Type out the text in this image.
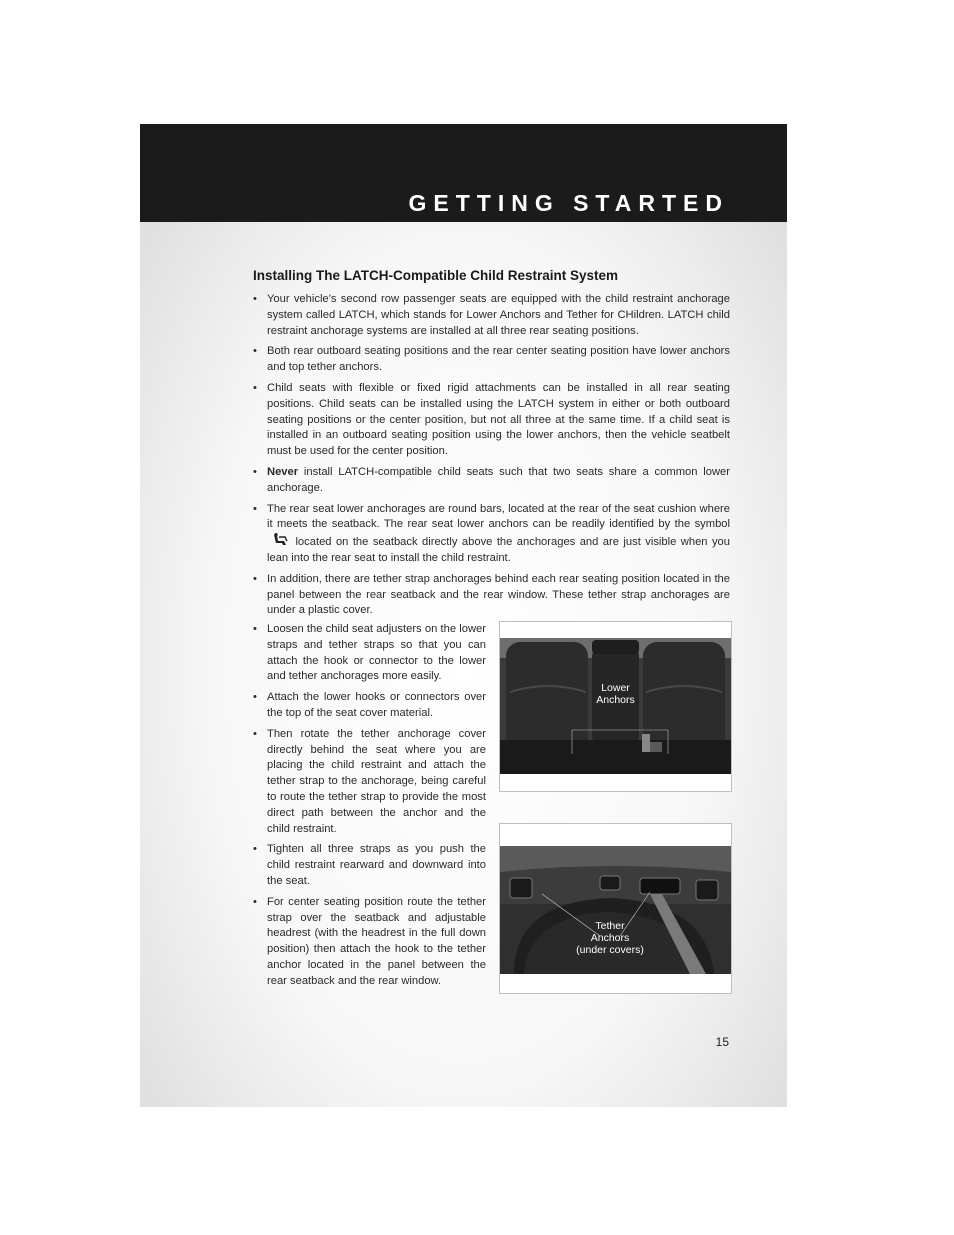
GETTING STARTED
Installing The LATCH-Compatible Child Restraint System
• Your vehicle’s second row passenger seats are equipped with the child restraint anchorage system called LATCH, which stands for Lower Anchors and Tether for CHildren. LATCH child restraint anchorage systems are installed at all three rear seating positions.
• Both rear outboard seating positions and the rear center seating position have lower anchors and top tether anchors.
• Child seats with flexible or fixed rigid attachments can be installed in all rear seating positions. Child seats can be installed using the LATCH system in either or both outboard seating positions or the center position, but not all three at the same time. If a child seat is installed in an outboard seating position using the lower anchors, then the vehicle seatbelt must be used for the center position.
• Never install LATCH-compatible child seats such that two seats share a common lower anchorage.
• The rear seat lower anchorages are round bars, located at the rear of the seat cushion where it meets the seatback. The rear seat lower anchors can be readily identified by the symbol located on the seatback directly above the anchorages and are just visible when you lean into the rear seat to install the child restraint.
• In addition, there are tether strap anchorages behind each rear seating position located in the panel between the rear seatback and the rear window. These tether strap anchorages are under a plastic cover.
• Loosen the child seat adjusters on the lower straps and tether straps so that you can attach the hook or connector to the lower and tether anchorages more easily.
• Attach the lower hooks or connectors over the top of the seat cover material.
• Then rotate the tether anchorage cover directly behind the seat where you are placing the child restraint and attach the tether strap to the anchorage, being careful to route the tether strap to provide the most direct path between the anchor and the child restraint.
• Tighten all three straps as you push the child restraint rearward and downward into the seat.
• For center seating position route the tether strap over the seatback and adjustable headrest (with the headrest in the full down position) then attach the hook to the tether anchor located in the panel between the rear seatback and the rear window.
Lower
Anchors
Tether
Anchors
(under covers)
15
